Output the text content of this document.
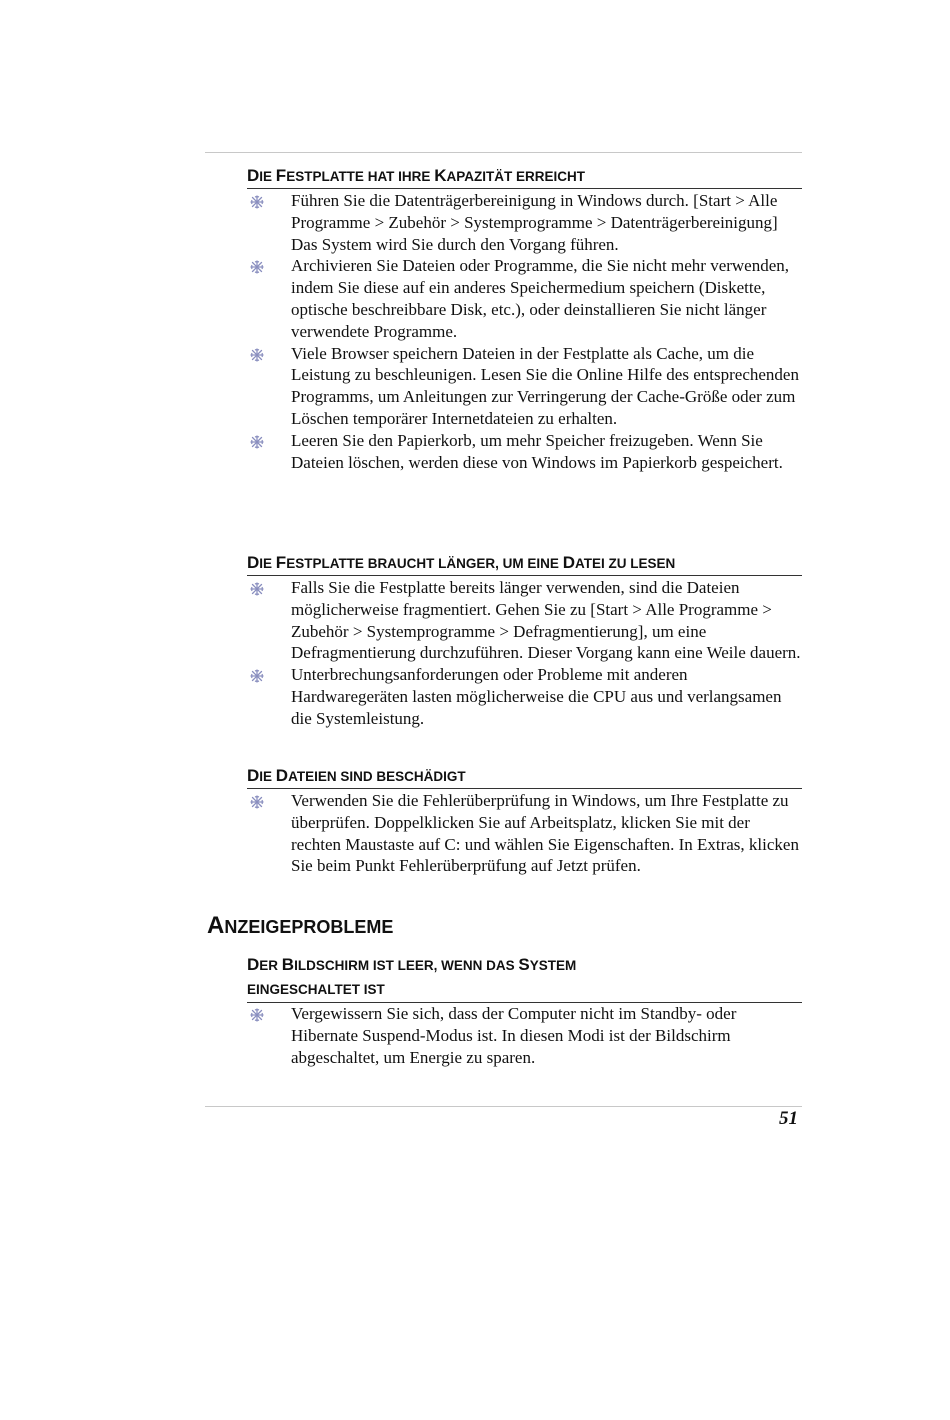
DIE FESTPLATTE HAT IHRE KAPAZITÄT ERREICHT
Führen Sie die Datenträgerbereinigung in Windows durch. [Start > Alle Programme > Zubehör > Systemprogramme > Datenträgerbereinigung] Das System wird Sie durch den Vorgang führen.
Archivieren Sie Dateien oder Programme, die Sie nicht mehr verwenden, indem Sie diese auf ein anderes Speichermedium speichern (Diskette, optische beschreibbare Disk, etc.), oder deinstallieren Sie nicht länger verwendete Programme.
Viele Browser speichern Dateien in der Festplatte als Cache, um die Leistung zu beschleunigen. Lesen Sie die Online Hilfe des entsprechenden Programms, um Anleitungen zur Verringerung der Cache-Größe oder zum Löschen temporärer Internetdateien zu erhalten.
Leeren Sie den Papierkorb, um mehr Speicher freizugeben. Wenn Sie Dateien löschen, werden diese von Windows im Papierkorb gespeichert.
DIE FESTPLATTE BRAUCHT LÄNGER, UM EINE DATEI ZU LESEN
Falls Sie die Festplatte bereits länger verwenden, sind die Dateien möglicherweise fragmentiert. Gehen Sie zu [Start > Alle Programme > Zubehör > Systemprogramme > Defragmentierung], um eine Defragmentierung durchzuführen. Dieser Vorgang kann eine Weile dauern.
Unterbrechungsanforderungen oder Probleme mit anderen Hardwaregeräten lasten möglicherweise die CPU aus und verlangsamen die Systemleistung.
DIE DATEIEN SIND BESCHÄDIGT
Verwenden Sie die Fehlerüberprüfung in Windows, um Ihre Festplatte zu überprüfen. Doppelklicken Sie auf Arbeitsplatz, klicken Sie mit der rechten Maustaste auf C: und wählen Sie Eigenschaften. In Extras, klicken Sie beim Punkt Fehlerüberprüfung auf Jetzt prüfen.
ANZEIGEPROBLEME
DER BILDSCHIRM IST LEER, WENN DAS SYSTEM
EINGESCHALTET IST
Vergewissern Sie sich, dass der Computer nicht im Standby- oder Hibernate Suspend-Modus ist. In diesen Modi ist der Bildschirm abgeschaltet, um Energie zu sparen.
51
